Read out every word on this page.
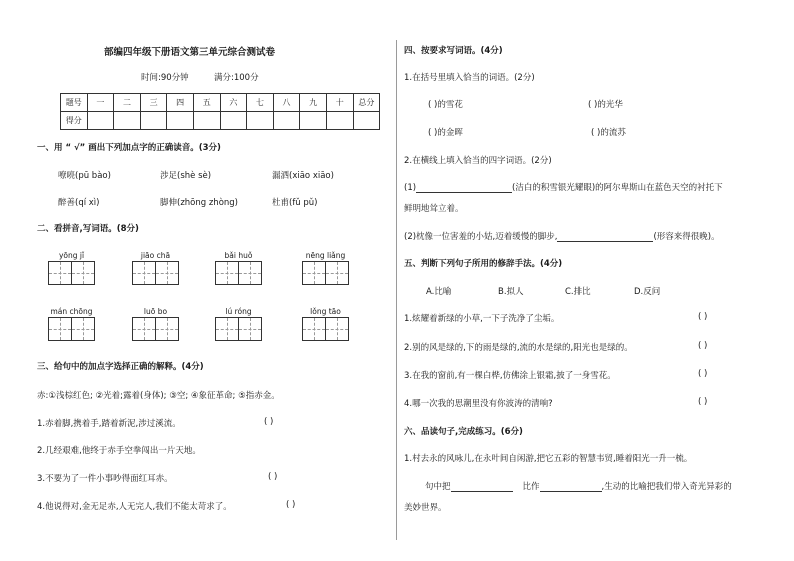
部编四年级下册语文第三单元综合测试卷
时间:90分钟	满分:100分
题号	一	二	三	四	五	六	七	八	九	十	总分
得分											
一、用 “ √” 画出下列加点字的正确读音。(3分)
嘹喨(pū bào)	涉足(shè sè)	漏洒(xiāo xiāo)
醉善(qí xì)	脚伸(zhōng zhòng)	杜甫(fǔ pǔ)
二、看拼音,写词语。(8分)
yōng jǐ	jiāo chā	bǎi huǒ	nēng liǎng
mán chōng	luō bo	lú róng	lǒng tāo
三、给句中的加点字选择正确的解释。(4分)
赤:①浅棕红色; ②光着;露着(身体); ③空; ④象征革命; ⑤指赤金。
1.赤着脚,携着手,踏着新泥,涉过溪流。	( )
2.几经艰难,他终于赤手空拳闯出一片天地。
3.不要为了一件小事吵得面红耳赤。	( )
4.他说得对,金无足赤,人无完人,我们不能太苛求了。	( )
四、按要求写词语。(4分)
1.在括号里填入恰当的词语。(2分)
( )的雪花	( )的光华
( )的金晖	( )的流苏
2.在横线上填入恰当的四字词语。(2分)
(1)	(洁白的积雪银光耀眼)的阿尔卑斯山在蓝色天空的衬托下
鲜明地耸立着。
(2)枕像一位害羞的小姑,迈着缓慢的脚步,	(形容来得很晚)。
五、判断下列句子所用的修辞手法。(4分)
A.比喻	B.拟人	C.排比	D.反问
1.炫耀着新绿的小草,一下子洗净了尘垢。	( )
2.别的风是绿的,下的雨是绿的,流的水是绿的,阳光也是绿的。	( )
3.在我的窗前,有一棵白桦,仿佛涂上银霜,披了一身雪花。	( )
4.哪一次我的思潮里没有你波涛的清响?	( )
六、品读句子,完成练习。(6分)
1.村去永的风咏儿,在永叶间自闲游,把它五彩的智慧韦贸,睡着阳光一升一梳。
句中把	比作	,生动的比喻把我们带入奇光异彩的
美妙世界。
